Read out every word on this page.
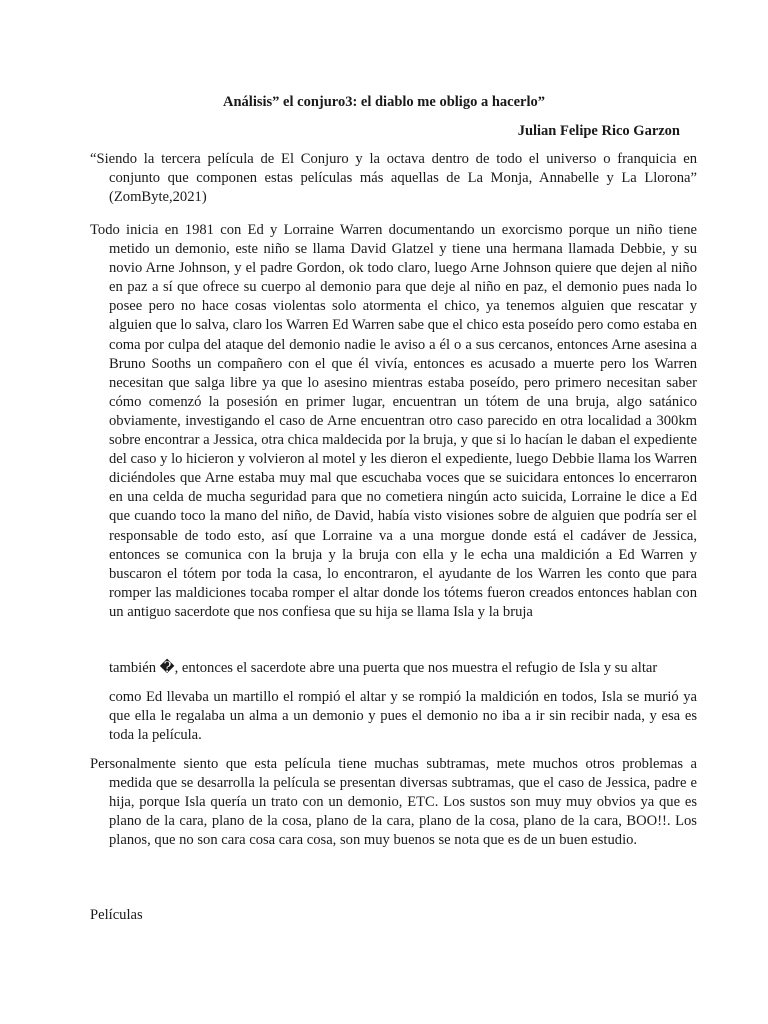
Análisis” el conjuro3: el diablo me obligo a hacerlo”
Julian Felipe Rico Garzon

“Siendo la tercera película de El Conjuro y la octava dentro de todo el universo o franquicia en conjunto que componen estas películas más aquellas de La Monja, Annabelle y La Llorona” (ZomByte,2021)

Todo inicia en 1981 con Ed y Lorraine Warren documentando un exorcismo porque un niño tiene metido un demonio, este niño se llama David Glatzel y tiene una hermana llamada Debbie, y su novio Arne Johnson, y el padre Gordon, ok todo claro, luego Arne Johnson quiere que dejen al niño en paz a sí que ofrece su cuerpo al demonio para que deje al niño en paz, el demonio pues nada lo posee pero no hace cosas violentas solo atormenta el chico, ya tenemos alguien que rescatar y alguien que lo salva, claro los Warren Ed Warren sabe que el chico esta poseído pero como estaba en coma por culpa del ataque del demonio nadie le aviso a él o a sus cercanos, entonces Arne asesina a Bruno Sooths un compañero con el que él vivía, entonces es acusado a muerte pero los Warren necesitan que salga libre ya que lo asesino mientras estaba poseído, pero primero necesitan saber cómo comenzó la posesión en primer lugar, encuentran un tótem de una bruja, algo satánico obviamente, investigando el caso de Arne encuentran otro caso parecido en otra localidad a 300km sobre encontrar a Jessica, otra chica maldecida por la bruja, y que si lo hacían le daban el expediente del caso y lo hicieron y volvieron al motel y les dieron el expediente, luego Debbie llama los Warren diciéndoles que Arne estaba muy mal que escuchaba voces que se suicidara entonces lo encerraron en una celda de mucha seguridad para que no cometiera ningún acto suicida, Lorraine le dice a Ed que cuando toco la mano del niño, de David, había visto visiones sobre de alguien que podría ser el responsable de todo esto, así que Lorraine va a una morgue donde está el cadáver de Jessica, entonces se comunica con la bruja y la bruja con ella y le echa una maldición a Ed Warren y buscaron el tótem por toda la casa, lo encontraron, el ayudante de los Warren les conto que para romper las maldiciones tocaba romper el altar donde los tótems fueron creados entonces hablan con un antiguo sacerdote que nos confiesa que su hija se llama Isla y la bruja

también �, entonces el sacerdote abre una puerta que nos muestra el refugio de Isla y su altar

como Ed llevaba un martillo el rompió el altar y se rompió la maldición en todos, Isla se murió ya que ella le regalaba un alma a un demonio y pues el demonio no iba a ir sin recibir nada, y esa es toda la película.

Personalmente siento que esta película tiene muchas subtramas, mete muchos otros problemas a medida que se desarrolla la película se presentan diversas subtramas, que el caso de Jessica, padre e hija, porque Isla quería un trato con un demonio, ETC. Los sustos son muy muy obvios ya que es plano de la cara, plano de la cosa, plano de la cara, plano de la cosa, plano de la cara, BOO!!. Los planos, que no son cara cosa cara cosa, son muy buenos se nota que es de un buen estudio.

Películas
